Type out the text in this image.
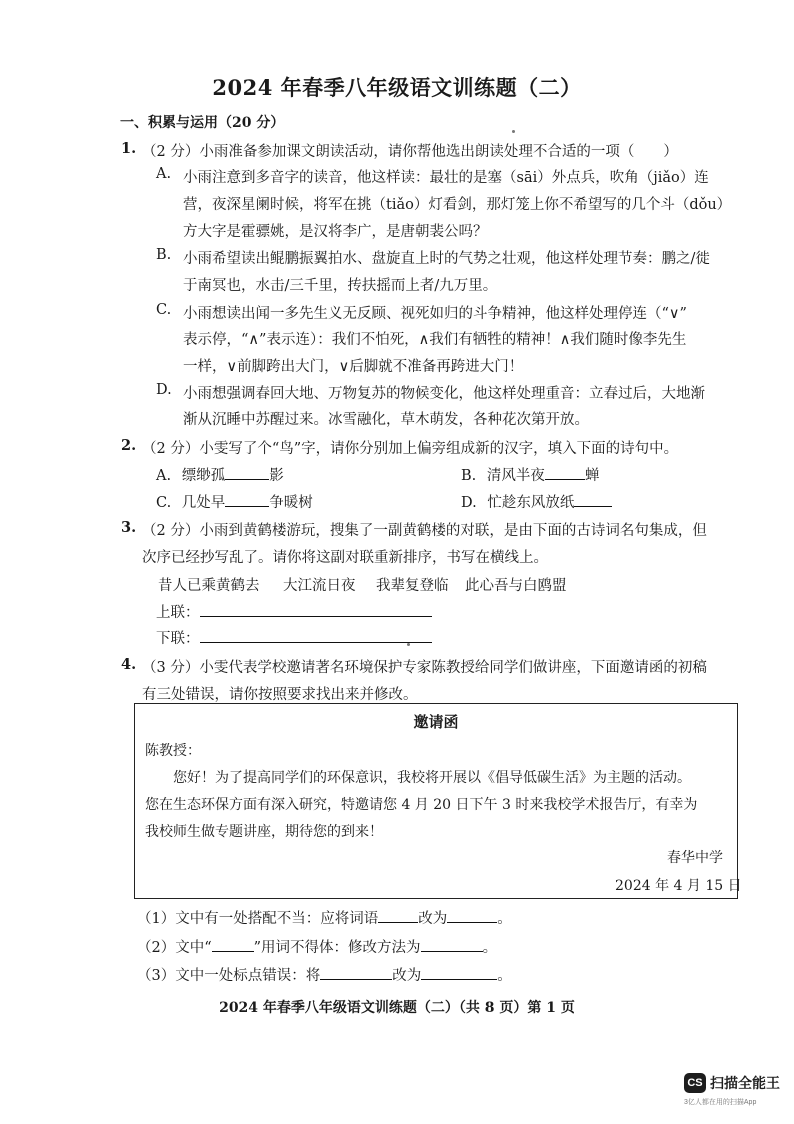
2024 年春季八年级语文训练题（二）
一、积累与运用（20 分）
1. （2 分）小雨准备参加课文朗读活动，请你帮他选出朗读处理不合适的一项（　　）
A. 小雨注意到多音字的读音，他这样读：最壮的是塞（sāi）外点兵，吹角（jiǎo）连
营，夜深星阑时候，将军在挑（tiǎo）灯看剑，那灯笼上你不希望写的几个斗（dǒu）
方大字是霍骠姚，是汉将李广，是唐朝裴公吗？
B. 小雨希望读出鲲鹏振翼拍水、盘旋直上时的气势之壮观，他这样处理节奏：鹏之/徙
于南冥也，水击/三千里，抟扶摇而上者/九万里。
C. 小雨想读出闻一多先生义无反顾、视死如归的斗争精神，他这样处理停连（“∨”
表示停，“∧”表示连）：我们不怕死，∧我们有牺牲的精神！∧我们随时像李先生
一样，∨前脚跨出大门，∨后脚就不准备再跨进大门！
D. 小雨想强调春回大地、万物复苏的物候变化，他这样处理重音：立春过后，大地渐
渐从沉睡中苏醒过来。冰雪融化，草木萌发，各种花次第开放。
2. （2 分）小雯写了个“鸟”字，请你分别加上偏旁组成新的汉字，填入下面的诗句中。
A. 缥缈孤	影	B. 清风半夜	蝉
C. 几处早	争暖树	D. 忙趁东风放纸
3. （2 分）小雨到黄鹤楼游玩，搜集了一副黄鹤楼的对联，是由下面的古诗词名句集成，但
次序已经抄写乱了。请你将这副对联重新排序，书写在横线上。
昔人已乘黄鹤去 大江流日夜 我辈复登临 此心吾与白鸥盟
上联：
下联：
4. （3 分）小雯代表学校邀请著名环境保护专家陈教授给同学们做讲座，下面邀请函的初稿
有三处错误，请你按照要求找出来并修改。
邀请函
陈教授：
您好！为了提高同学们的环保意识，我校将开展以《倡导低碳生活》为主题的活动。
您在生态环保方面有深入研究，特邀请您 4 月 20 日下午 3 时来我校学术报告厅，有幸为
我校师生做专题讲座，期待您的到来！
春华中学
2024 年 4 月 15 日
（1）文中有一处搭配不当：应将词语	改为	。
（2）文中“	”用词不得体：修改方法为	。
（3）文中一处标点错误：将	改为	。
2024 年春季八年级语文训练题（二）（共 8 页）第 1 页
CS 扫描全能王
3亿人都在用的扫描App
